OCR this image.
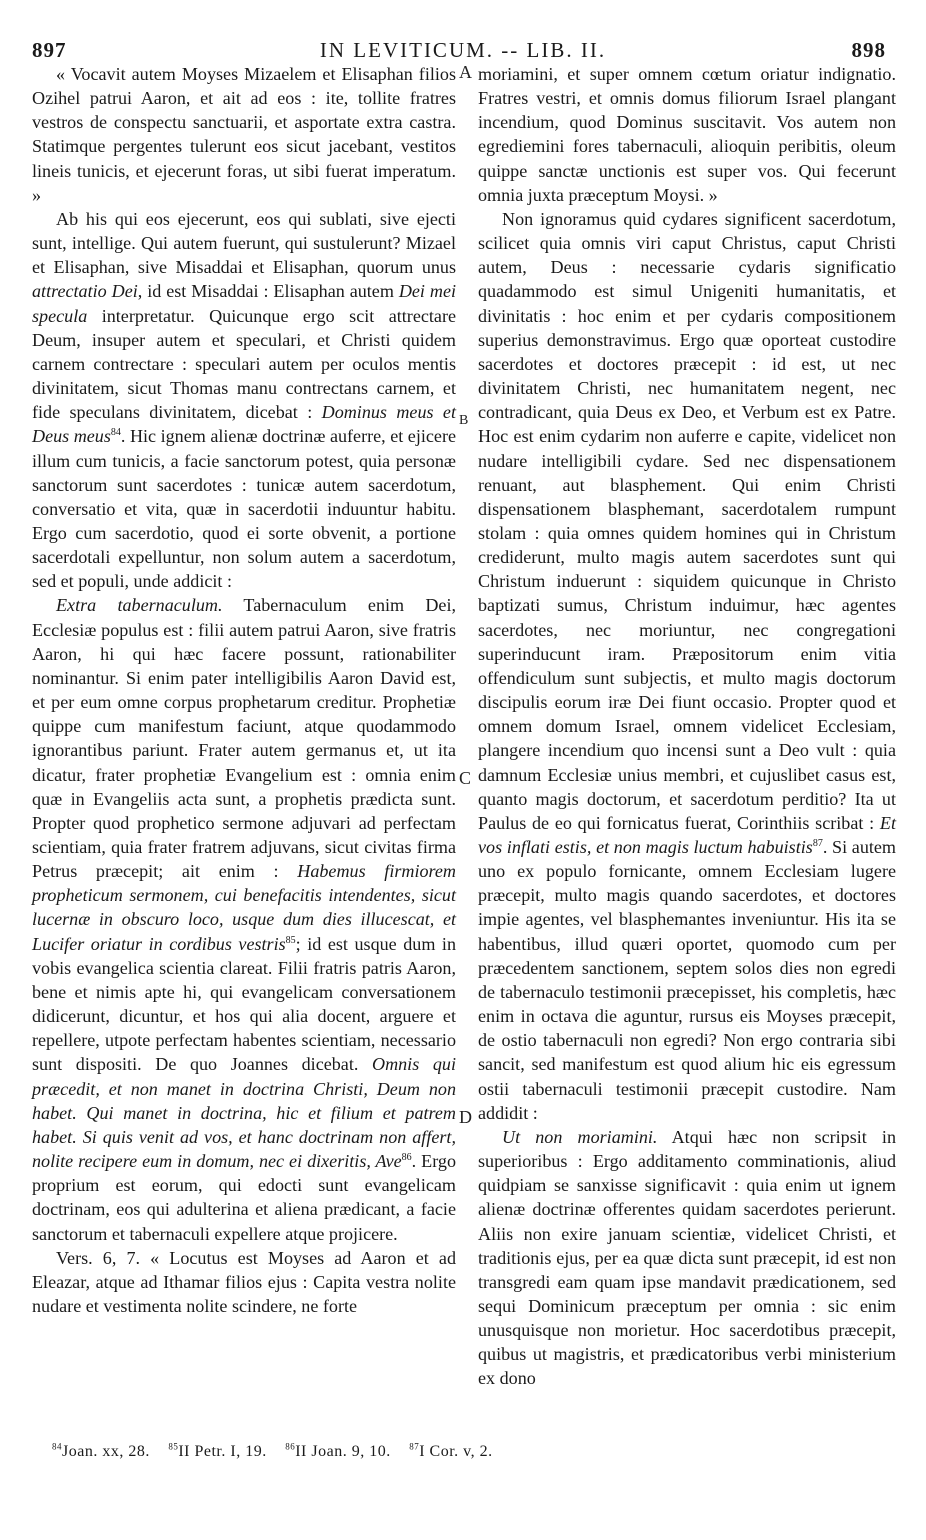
897	IN LEVITICUM. -- LIB. II.	898
A
B
C
D

« Vocavit autem Moyses Mizaelem et Elisaphan filios Ozihel patrui Aaron, et ait ad eos : ite, tollite fratres vestros de conspectu sanctuarii, et asportate extra castra. Statimque pergentes tulerunt eos sicut jacebant, vestitos lineis tunicis, et ejecerunt foras, ut sibi fuerat imperatum. »

Ab his qui eos ejecerunt, eos qui sublati, sive ejecti sunt, intellige. Qui autem fuerunt, qui sustulerunt? Mizael et Elisaphan, sive Misaddai et Elisaphan, quorum unus attrectatio Dei, id est Misaddai : Elisaphan autem Dei mei specula interpretatur. Quicunque ergo scit attrectare Deum, insuper autem et speculari, et Christi quidem carnem contrectare : speculari autem per oculos mentis divinitatem, sicut Thomas manu contrectans carnem, et fide speculans divinitatem, dicebat : Dominus meus et Deus meus$^{84}$. Hic ignem alienæ doctrinæ auferre, et ejicere illum cum tunicis, a facie sanctorum potest, quia personæ sanctorum sunt sacerdotes : tunicæ autem sacerdotum, conversatio et vita, quæ in sacerdotii induuntur habitu. Ergo cum sacerdotio, quod ei sorte obvenit, a portione sacerdotali expelluntur, non solum autem a sacerdotum, sed et populi, unde addicit :

Extra tabernaculum. Tabernaculum enim Dei, Ecclesiæ populus est : filii autem patrui Aaron, sive fratris Aaron, hi qui hæc facere possunt, rationabiliter nominantur. Si enim pater intelligibilis Aaron David est, et per eum omne corpus prophetarum creditur. Prophetiæ quippe cum manifestum faciunt, atque quodammodo ignorantibus pariunt. Frater autem germanus et, ut ita dicatur, frater prophetiæ Evangelium est : omnia enim quæ in Evangeliis acta sunt, a prophetis prædicta sunt. Propter quod prophetico sermone adjuvari ad perfectam scientiam, quia frater fratrem adjuvans, sicut civitas firma Petrus præcepit; ait enim : Habemus firmiorem propheticum sermonem, cui benefacitis intendentes, sicut lucernæ in obscuro loco, usque dum dies illucescat, et Lucifer oriatur in cordibus vestris$^{85}$; id est usque dum in vobis evangelica scientia clareat. Filii fratris patris Aaron, bene et nimis apte hi, qui evangelicam conversationem didicerunt, dicuntur, et hos qui alia docent, arguere et repellere, utpote perfectam habentes scientiam, necessario sunt dispositi. De quo Joannes dicebat. Omnis qui præcedit, et non manet in doctrina Christi, Deum non habet. Qui manet in doctrina, hic et filium et patrem habet. Si quis venit ad vos, et hanc doctrinam non affert, nolite recipere eum in domum, nec ei dixeritis, Ave$^{86}$. Ergo proprium est eorum, qui edocti sunt evangelicam doctrinam, eos qui adulterina et aliena prædicant, a facie sanctorum et tabernaculi expellere atque projicere.

Vers. 6, 7. « Locutus est Moyses ad Aaron et ad Eleazar, atque ad Ithamar filios ejus : Capita vestra nolite nudare et vestimenta nolite scindere, ne forte

moriamini, et super omnem cœtum oriatur indignatio. Fratres vestri, et omnis domus filiorum Israel plangant incendium, quod Dominus suscitavit. Vos autem non egrediemini fores tabernaculi, alioquin peribitis, oleum quippe sanctæ unctionis est super vos. Qui fecerunt omnia juxta præceptum Moysi. »

Non ignoramus quid cydares significent sacerdotum, scilicet quia omnis viri caput Christus, caput Christi autem, Deus : necessarie cydaris significatio quadammodo est simul Unigeniti humanitatis, et divinitatis : hoc enim et per cydaris compositionem superius demonstravimus. Ergo quæ oporteat custodire sacerdotes et doctores præcepit : id est, ut nec divinitatem Christi, nec humanitatem negent, nec contradicant, quia Deus ex Deo, et Verbum est ex Patre. Hoc est enim cydarim non auferre e capite, videlicet non nudare intelligibili cydare. Sed nec dispensationem renuant, aut blasphement. Qui enim Christi dispensationem blasphemant, sacerdotalem rumpunt stolam : quia omnes quidem homines qui in Christum crediderunt, multo magis autem sacerdotes sunt qui Christum induerunt : siquidem quicunque in Christo baptizati sumus, Christum induimur, hæc agentes sacerdotes, nec moriuntur, nec congregationi superinducunt iram. Præpositorum enim vitia offendiculum sunt subjectis, et multo magis doctorum discipulis eorum iræ Dei fiunt occasio. Propter quod et omnem domum Israel, omnem videlicet Ecclesiam, plangere incendium quo incensi sunt a Deo vult : quia damnum Ecclesiæ unius membri, et cujuslibet casus est, quanto magis doctorum, et sacerdotum perditio? Ita ut Paulus de eo qui fornicatus fuerat, Corinthiis scribat : Et vos inflati estis, et non magis luctum habuistis$^{87}$. Si autem uno ex populo fornicante, omnem Ecclesiam lugere præcepit, multo magis quando sacerdotes, et doctores impie agentes, vel blasphemantes inveniuntur. His ita se habentibus, illud quæri oportet, quomodo cum per præcedentem sanctionem, septem solos dies non egredi de tabernaculo testimonii præcepisset, his completis, hæc enim in octava die aguntur, rursus eis Moyses præcepit, de ostio tabernaculi non egredi? Non ergo contraria sibi sancit, sed manifestum est quod alium hic eis egressum ostii tabernaculi testimonii præcepit custodire. Nam addidit :

Ut non moriamini. Atqui hæc non scripsit in superioribus : Ergo additamento comminationis, aliud quidpiam se sanxisse significavit : quia enim ut ignem alienæ doctrinæ offerentes quidam sacerdotes perierunt. Aliis non exire januam scientiæ, videlicet Christi, et traditionis ejus, per ea quæ dicta sunt præcepit, id est non transgredi eam quam ipse mandavit prædicationem, sed sequi Dominicum præceptum per omnia : sic enim unusquisque non morietur. Hoc sacerdotibus præcepit, quibus ut magistris, et prædicatoribus verbi ministerium ex dono

$^{84}$Joan. xx, 28. $^{85}$II Petr. I, 19. $^{86}$II Joan. 9, 10. $^{87}$I Cor. v, 2.
